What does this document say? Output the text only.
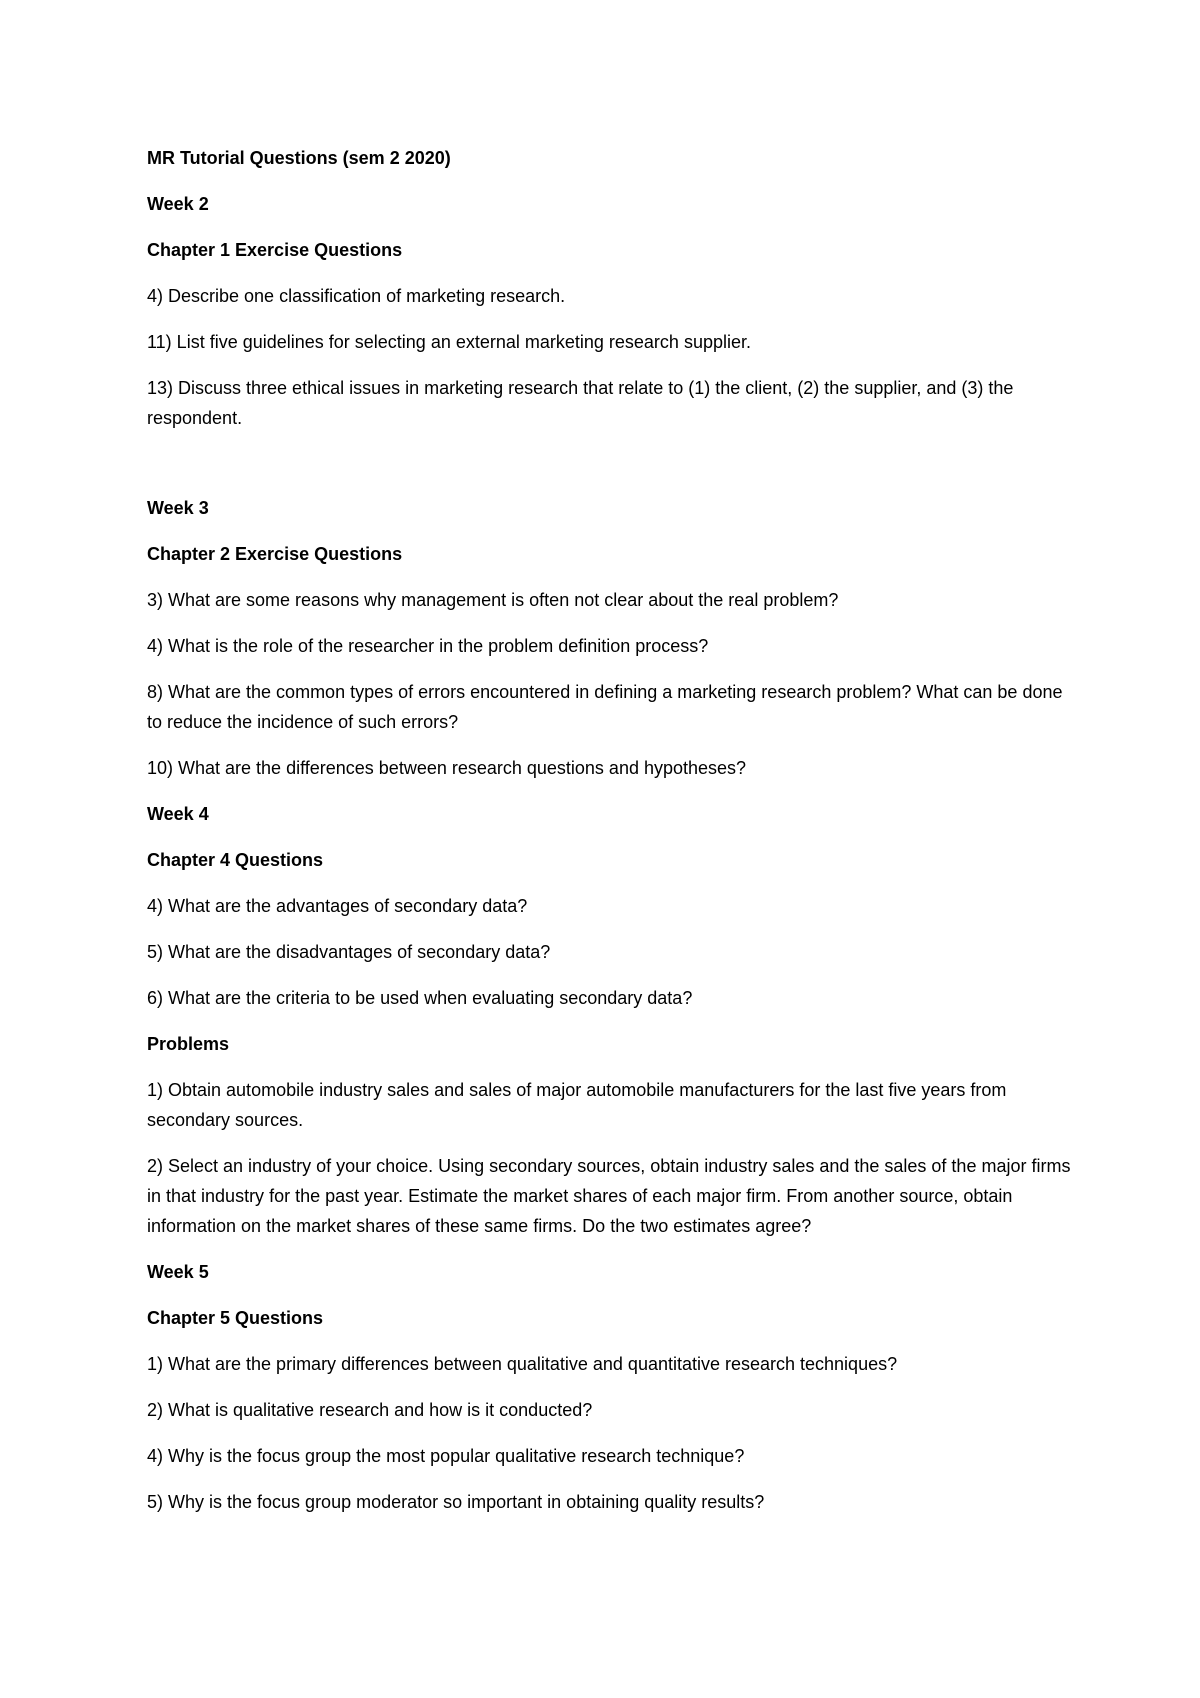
MR Tutorial Questions (sem 2 2020)

Week 2

Chapter 1 Exercise Questions

4) Describe one classification of marketing research.

11) List five guidelines for selecting an external marketing research supplier.

13) Discuss three ethical issues in marketing research that relate to (1) the client, (2) the supplier, and (3) the respondent.

Week 3

Chapter 2 Exercise Questions

3) What are some reasons why management is often not clear about the real problem?

4) What is the role of the researcher in the problem definition process?

8) What are the common types of errors encountered in defining a marketing research problem? What can be done to reduce the incidence of such errors?

10) What are the differences between research questions and hypotheses?

Week 4

Chapter 4 Questions

4) What are the advantages of secondary data?

5) What are the disadvantages of secondary data?

6) What are the criteria to be used when evaluating secondary data?

Problems

1) Obtain automobile industry sales and sales of major automobile manufacturers for the last five years from secondary sources.

2) Select an industry of your choice. Using secondary sources, obtain industry sales and the sales of the major firms in that industry for the past year. Estimate the market shares of each major firm. From another source, obtain information on the market shares of these same firms. Do the two estimates agree?

Week 5

Chapter 5 Questions

1) What are the primary differences between qualitative and quantitative research techniques?

2) What is qualitative research and how is it conducted?

4) Why is the focus group the most popular qualitative research technique?

5) Why is the focus group moderator so important in obtaining quality results?
